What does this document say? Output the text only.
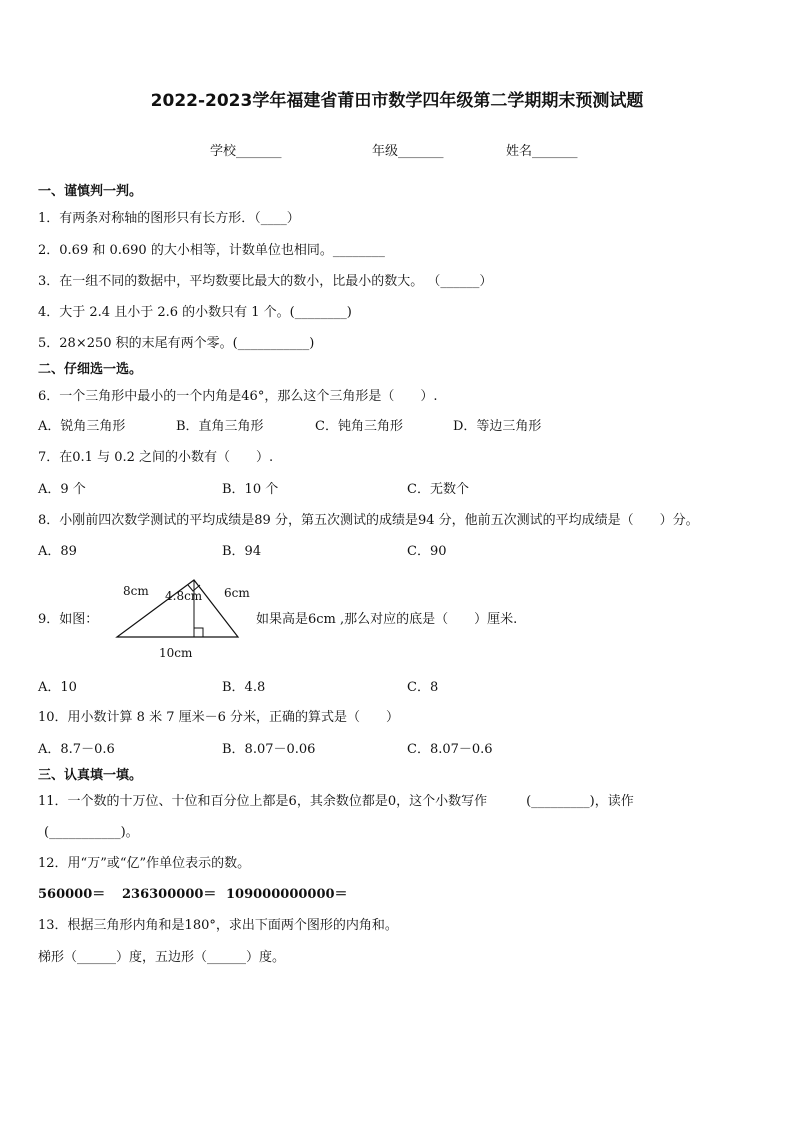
2022-2023学年福建省莆田市数学四年级第二学期期末预测试题
学校_______	年级_______	姓名_______
一、谨慎判一判。
1．有两条对称轴的图形只有长方形．（____）
2．0.69 和 0.690 的大小相等，计数单位也相同。________
3．在一组不同的数据中，平均数要比最大的数小，比最小的数大。 （______）
4．大于 2.4 且小于 2.6 的小数只有 1 个。(________)
5．28×250 积的末尾有两个零。(___________)
二、仔细选一选。
6．一个三角形中最小的一个内角是46°，那么这个三角形是（　　）.
A．锐角三角形	B．直角三角形	C．钝角三角形	D．等边三角形
7．在0.1 与 0.2 之间的小数有（　　）.
A．9 个	B．10 个	C．无数个
8．小刚前四次数学测试的平均成绩是89 分，第五次测试的成绩是94 分，他前五次测试的平均成绩是（　　）分。
A．89	B．94	C．90
9．如图：
8cm 4.8cm 6cm
10cm
如果高是6cm ,那么对应的底是（　　）厘米.
A．10	B．4.8	C．8
10．用小数计算 8 米 7 厘米－6 分米，正确的算式是（　　）
A．8.7－0.6	B．8.07－0.06	C．8.07－0.6
三、认真填一填。
11．一个数的十万位、十位和百分位上都是6，其余数位都是0，这个小数写作　　　(_________)，读作
(___________)。
12．用“万”或“亿”作单位表示的数。
560000＝ 236300000＝ 109000000000＝
13．根据三角形内角和是180°，求出下面两个图形的内角和。
梯形（______）度，五边形（______）度。
